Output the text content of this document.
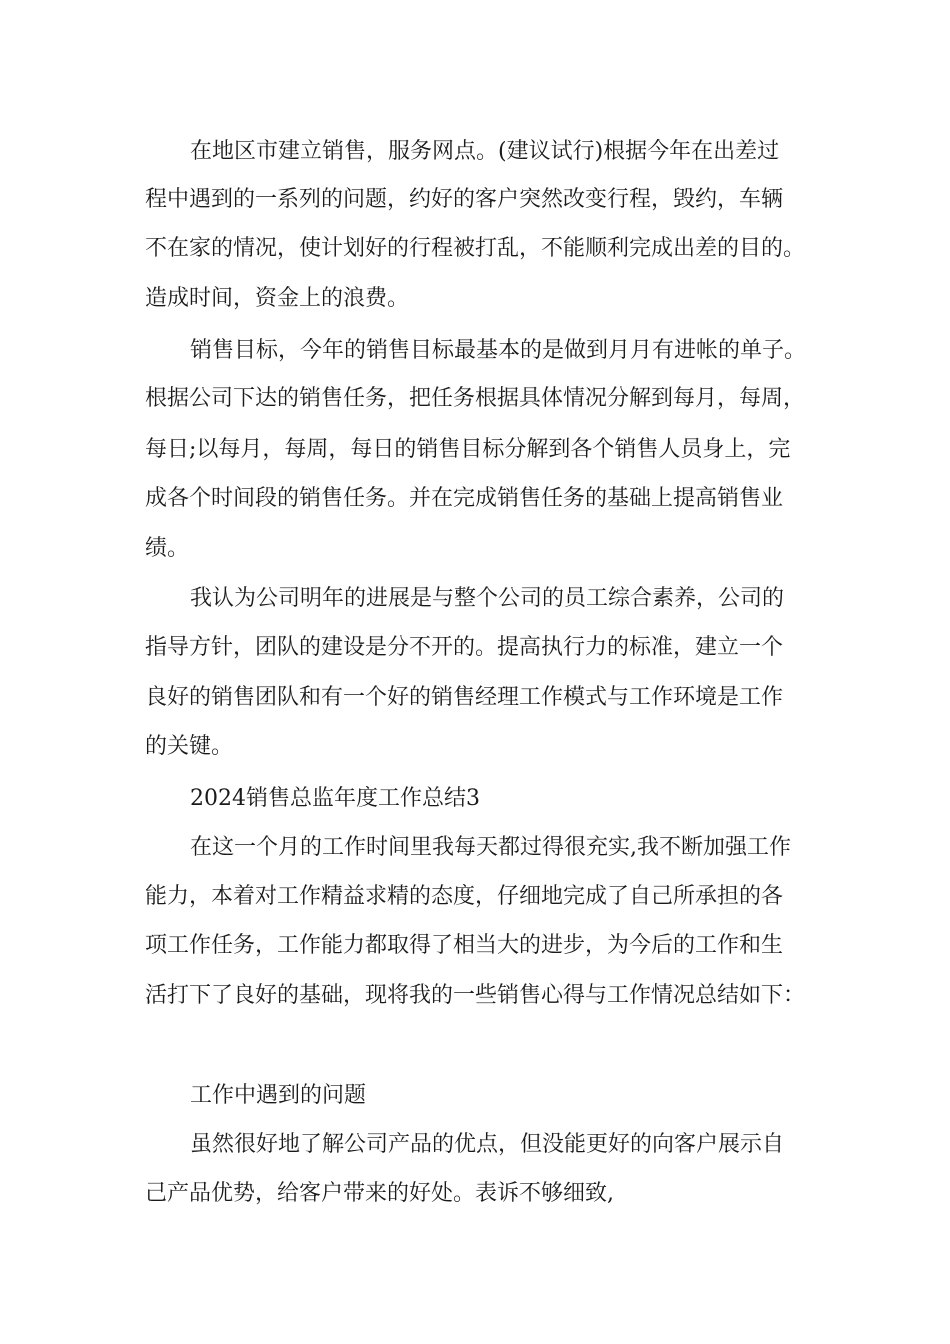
在地区市建立销售，服务网点。(建议试行)根据今年在出差过
程中遇到的一系列的问题，约好的客户突然改变行程，毁约，车辆
不在家的情况，使计划好的行程被打乱，不能顺利完成出差的目的。
造成时间，资金上的浪费。
销售目标，今年的销售目标最基本的是做到月月有进帐的单子。
根据公司下达的销售任务，把任务根据具体情况分解到每月，每周，
每日;以每月，每周，每日的销售目标分解到各个销售人员身上，完
成各个时间段的销售任务。并在完成销售任务的基础上提高销售业
绩。
我认为公司明年的进展是与整个公司的员工综合素养，公司的
指导方针，团队的建设是分不开的。提高执行力的标准，建立一个
良好的销售团队和有一个好的销售经理工作模式与工作环境是工作
的关键。
2024销售总监年度工作总结3
在这一个月的工作时间里我每天都过得很充实,我不断加强工作
能力，本着对工作精益求精的态度，仔细地完成了自己所承担的各
项工作任务，工作能力都取得了相当大的进步，为今后的工作和生
活打下了良好的基础，现将我的一些销售心得与工作情况总结如下：
工作中遇到的问题
虽然很好地了解公司产品的优点，但没能更好的向客户展示自
己产品优势，给客户带来的好处。表诉不够细致,
